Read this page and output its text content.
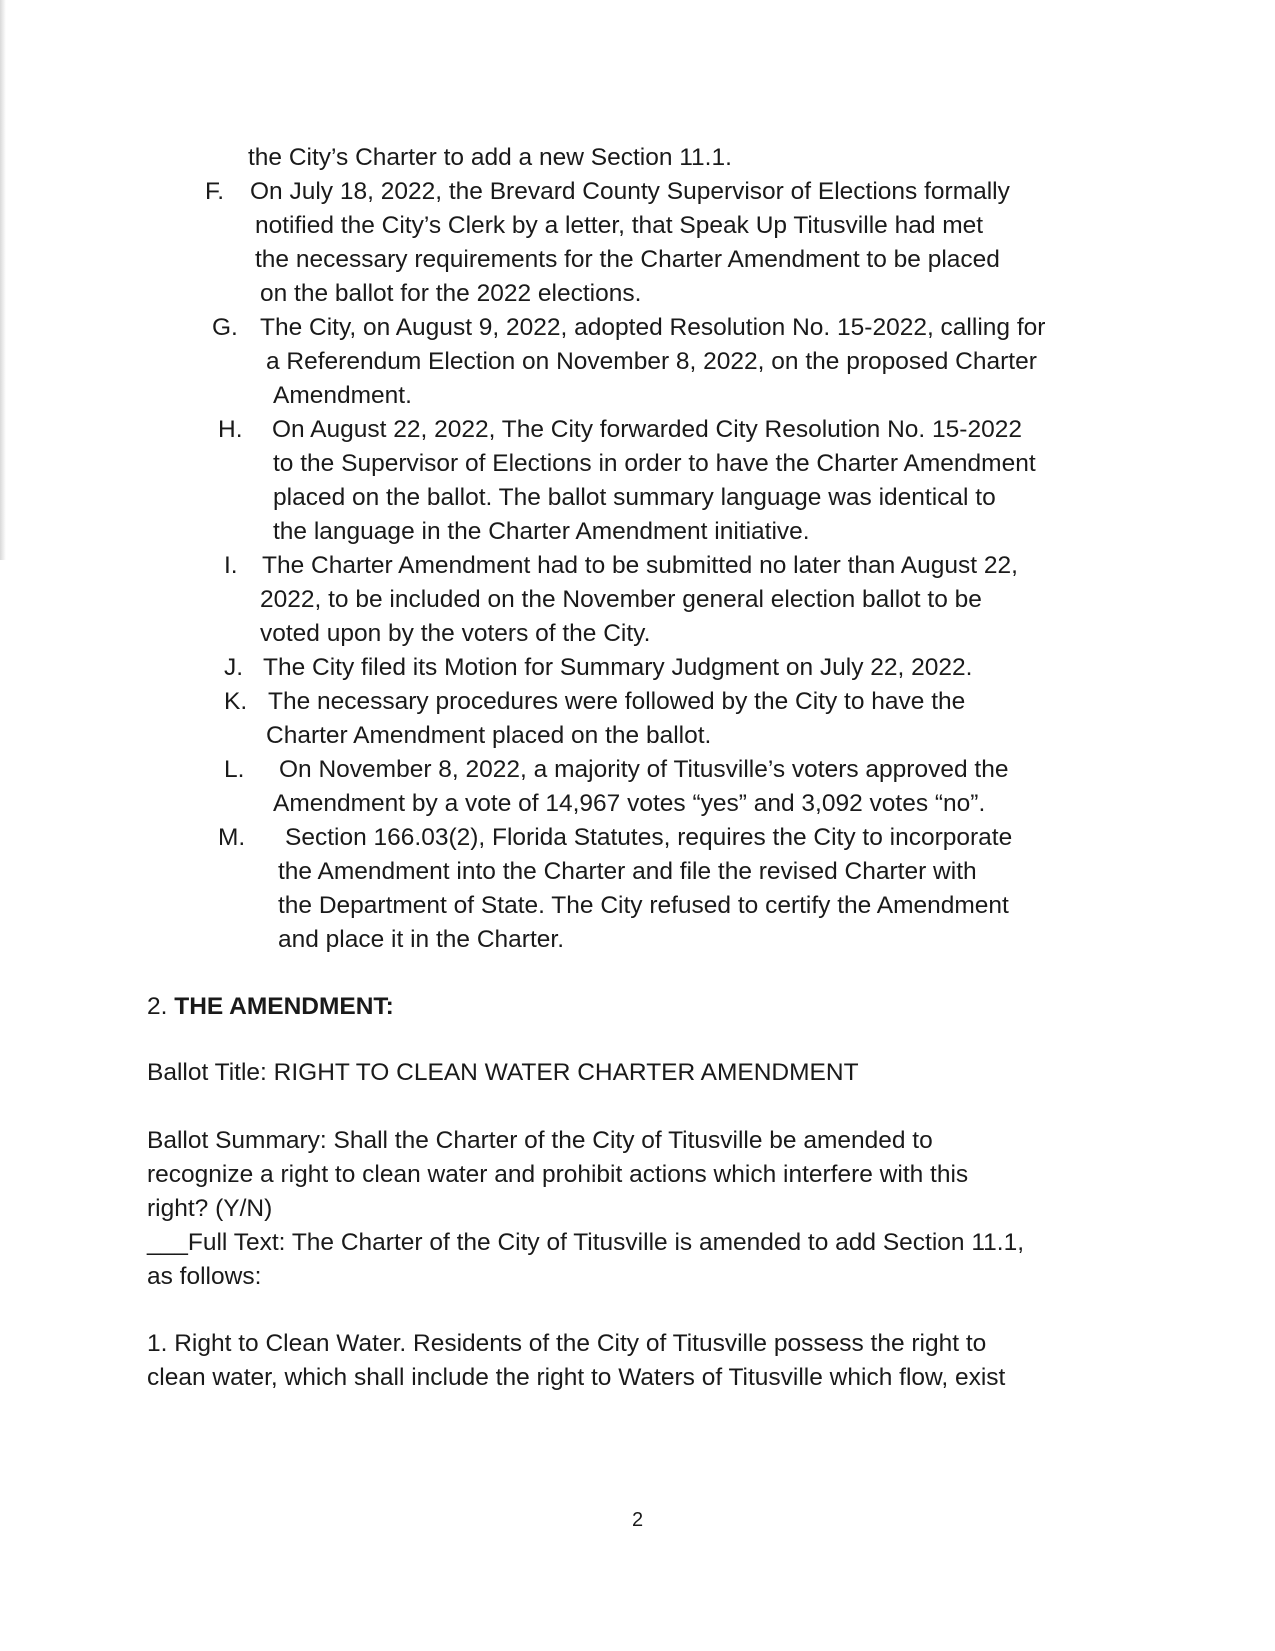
the City’s Charter to add a new Section 11.1.
F. On July 18, 2022, the Brevard County Supervisor of Elections formally
notified the City’s Clerk by a letter, that Speak Up Titusville had met
the necessary requirements for the Charter Amendment to be placed
on the ballot for the 2022 elections.
G. The City, on August 9, 2022, adopted Resolution No. 15-2022, calling for
a Referendum Election on November 8, 2022, on the proposed Charter
Amendment.
H. On August 22, 2022, The City forwarded City Resolution No. 15-2022
to the Supervisor of Elections in order to have the Charter Amendment
placed on the ballot. The ballot summary language was identical to
the language in the Charter Amendment initiative.
I. The Charter Amendment had to be submitted no later than August 22,
2022, to be included on the November general election ballot to be
voted upon by the voters of the City.
J. The City filed its Motion for Summary Judgment on July 22, 2022.
K. The necessary procedures were followed by the City to have the
Charter Amendment placed on the ballot.
L. On November 8, 2022, a majority of Titusville’s voters approved the
Amendment by a vote of 14,967 votes “yes” and 3,092 votes “no”.
M. Section 166.03(2), Florida Statutes, requires the City to incorporate
the Amendment into the Charter and file the revised Charter with
the Department of State. The City refused to certify the Amendment
and place it in the Charter.
2. THE AMENDMENT:
Ballot Title: RIGHT TO CLEAN WATER CHARTER AMENDMENT
Ballot Summary: Shall the Charter of the City of Titusville be amended to
recognize a right to clean water and prohibit actions which interfere with this
right? (Y/N)
___Full Text: The Charter of the City of Titusville is amended to add Section 11.1,
as follows:
1. Right to Clean Water. Residents of the City of Titusville possess the right to
clean water, which shall include the right to Waters of Titusville which flow, exist
2
